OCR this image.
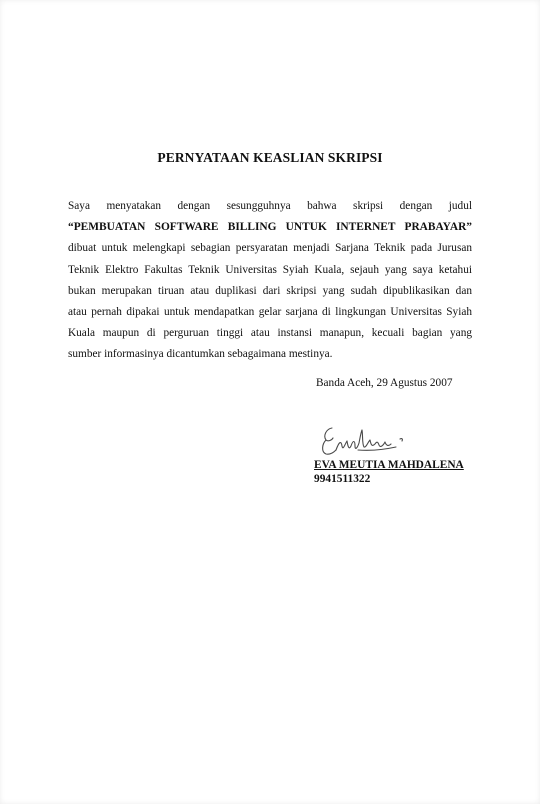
PERNYATAAN KEASLIAN SKRIPSI
Saya menyatakan dengan sesungguhnya bahwa skripsi dengan judul
“PEMBUATAN SOFTWARE BILLING UNTUK INTERNET PRABAYAR”
dibuat untuk melengkapi sebagian persyaratan menjadi Sarjana Teknik pada Jurusan
Teknik Elektro Fakultas Teknik Universitas Syiah Kuala, sejauh yang saya ketahui
bukan merupakan tiruan atau duplikasi dari skripsi yang sudah dipublikasikan dan
atau pernah dipakai untuk mendapatkan gelar sarjana di lingkungan Universitas Syiah
Kuala maupun di perguruan tinggi atau instansi manapun, kecuali bagian yang
sumber informasinya dicantumkan sebagaimana mestinya.
Banda Aceh, 29 Agustus 2007
EVA MEUTIA MAHDALENA
9941511322
